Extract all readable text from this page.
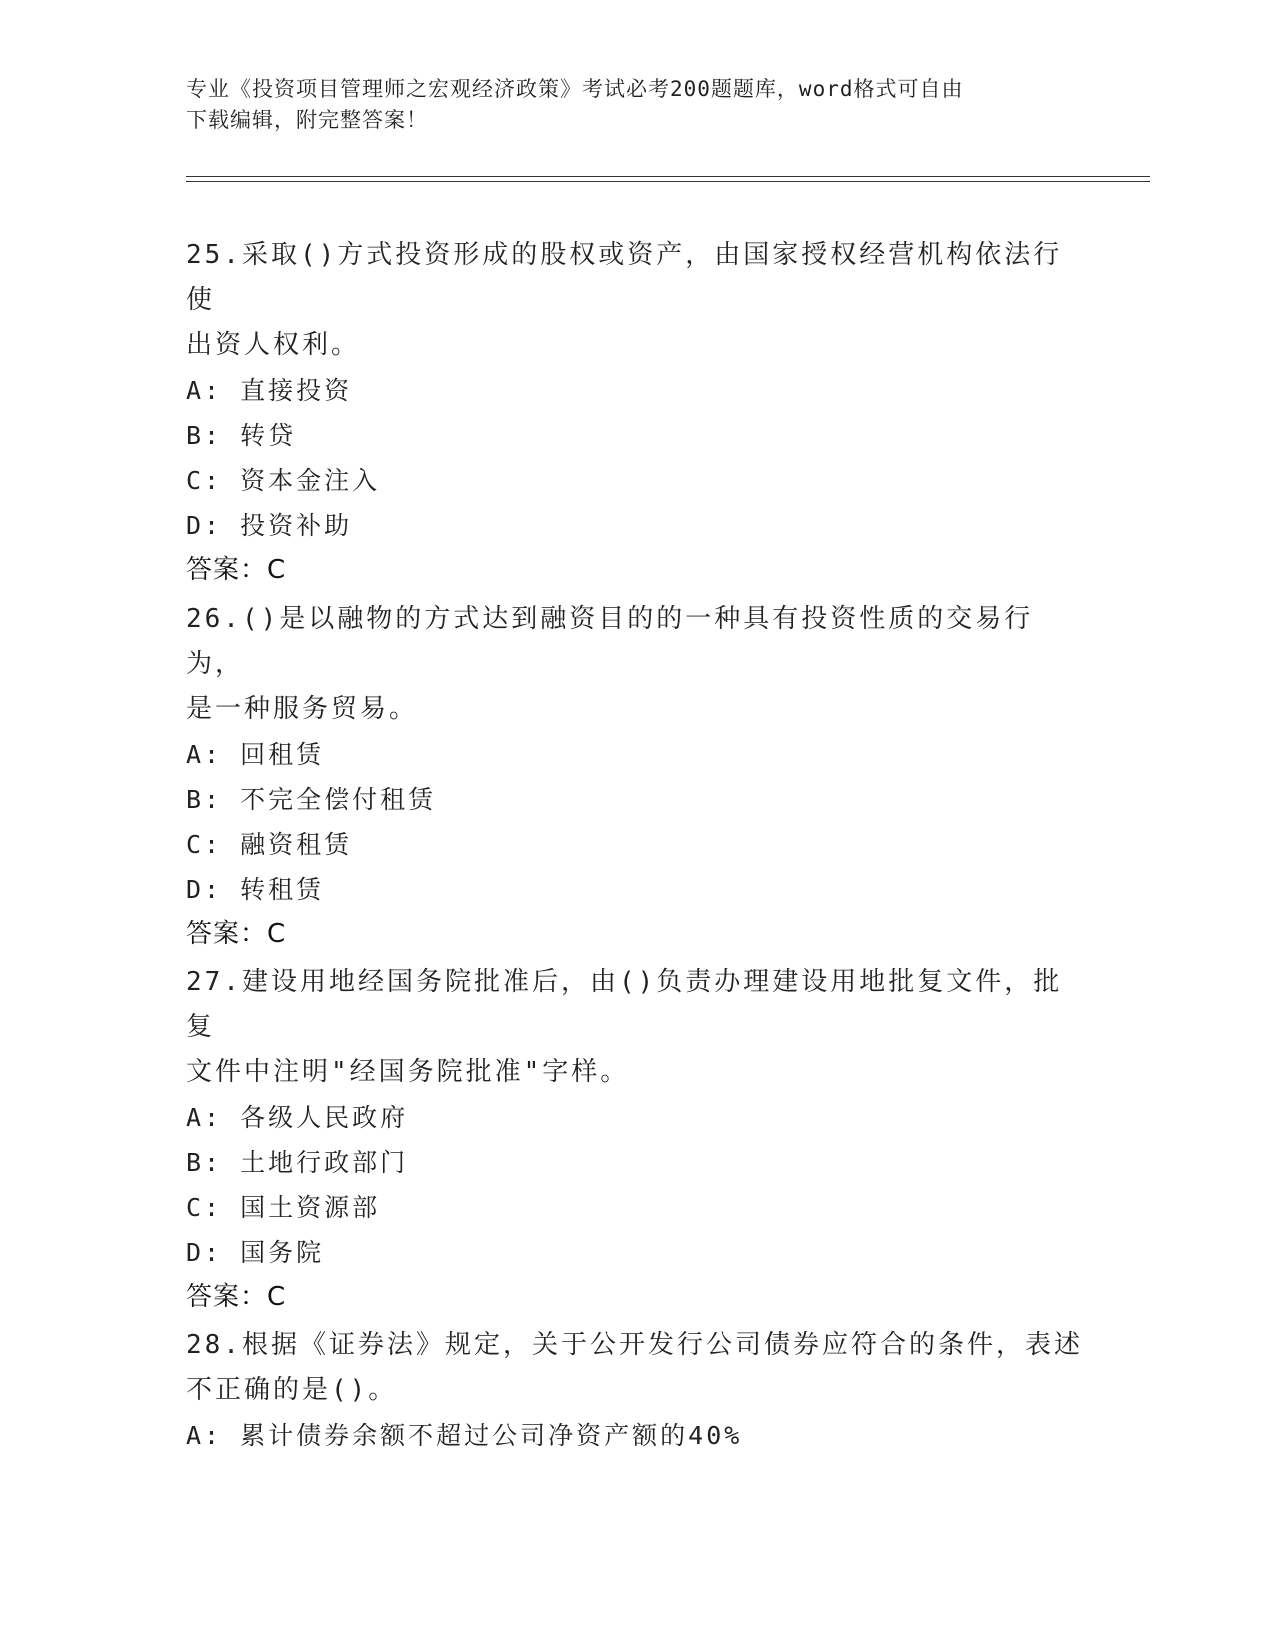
专业《投资项目管理师之宏观经济政策》考试必考200题题库，word格式可自由
下载编辑，附完整答案！
25.采取()方式投资形成的股权或资产，由国家授权经营机构依法行使
出资人权利。
A: 直接投资
B: 转贷
C: 资本金注入
D: 投资补助
答案：C
26.()是以融物的方式达到融资目的的一种具有投资性质的交易行为，
是一种服务贸易。
A: 回租赁
B: 不完全偿付租赁
C: 融资租赁
D: 转租赁
答案：C
27.建设用地经国务院批准后，由()负责办理建设用地批复文件，批复
文件中注明"经国务院批准"字样。
A: 各级人民政府
B: 土地行政部门
C: 国土资源部
D: 国务院
答案：C
28.根据《证券法》规定，关于公开发行公司债券应符合的条件，表述
不正确的是()。
A: 累计债券余额不超过公司净资产额的40%
